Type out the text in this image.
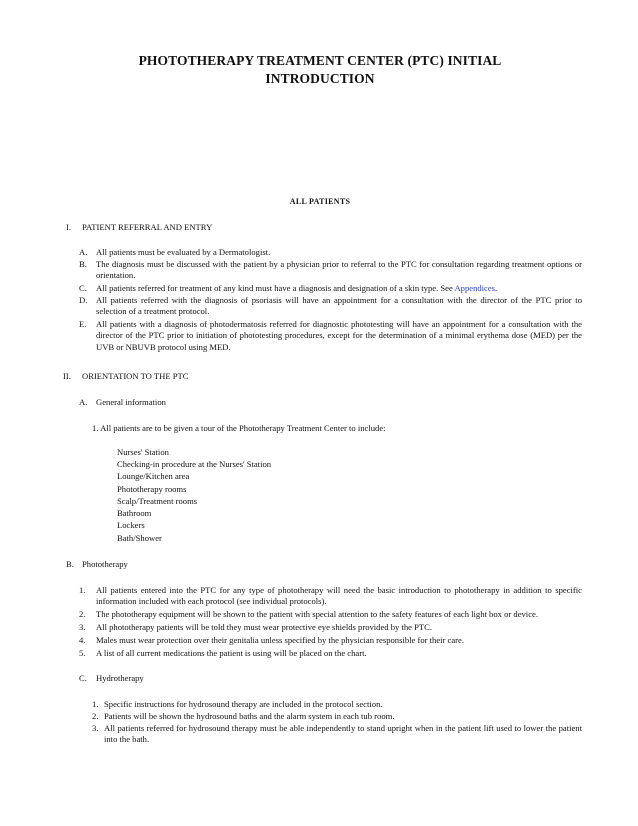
PHOTOTHERAPY TREATMENT CENTER (PTC) INITIAL
INTRODUCTION
ALL PATIENTS
I. PATIENT REFERRAL AND ENTRY
A. All patients must be evaluated by a Dermatologist.
B. The diagnosis must be discussed with the patient by a physician prior to referral to the PTC for consultation regarding treatment options or orientation.
C. All patients referred for treatment of any kind must have a diagnosis and designation of a skin type. See Appendices.
D. All patients referred with the diagnosis of psoriasis will have an appointment for a consultation with the director of the PTC prior to selection of a treatment protocol.
E. All patients with a diagnosis of photodermatosis referred for diagnostic phototesting will have an appointment for a consultation with the director of the PTC prior to initiation of phototesting procedures, except for the determination of a minimal erythema dose (MED) per the UVB or NBUVB protocol using MED.
II. ORIENTATION TO THE PTC
A. General information
1. All patients are to be given a tour of the Phototherapy Treatment Center to include:
Nurses' Station
Checking-in procedure at the Nurses' Station
Lounge/Kitchen area
Phototherapy rooms
Scalp/Treatment rooms
Bathroom
Lockers
Bath/Shower
B. Phototherapy
1. All patients entered into the PTC for any type of phototherapy will need the basic introduction to phototherapy in addition to specific information included with each protocol (see individual protocols).
2. The phototherapy equipment will be shown to the patient with special attention to the safety features of each light box or device.
3. All phototherapy patients will be told they must wear protective eye shields provided by the PTC.
4. Males must wear protection over their genitalia unless specified by the physician responsible for their care.
5. A list of all current medications the patient is using will be placed on the chart.
C. Hydrotherapy
1. Specific instructions for hydrosound therapy are included in the protocol section.
2. Patients will be shown the hydrosound baths and the alarm system in each tub room.
3. All patients referred for hydrosound therapy must be able independently to stand upright when in the patient lift used to lower the patient into the bath.
